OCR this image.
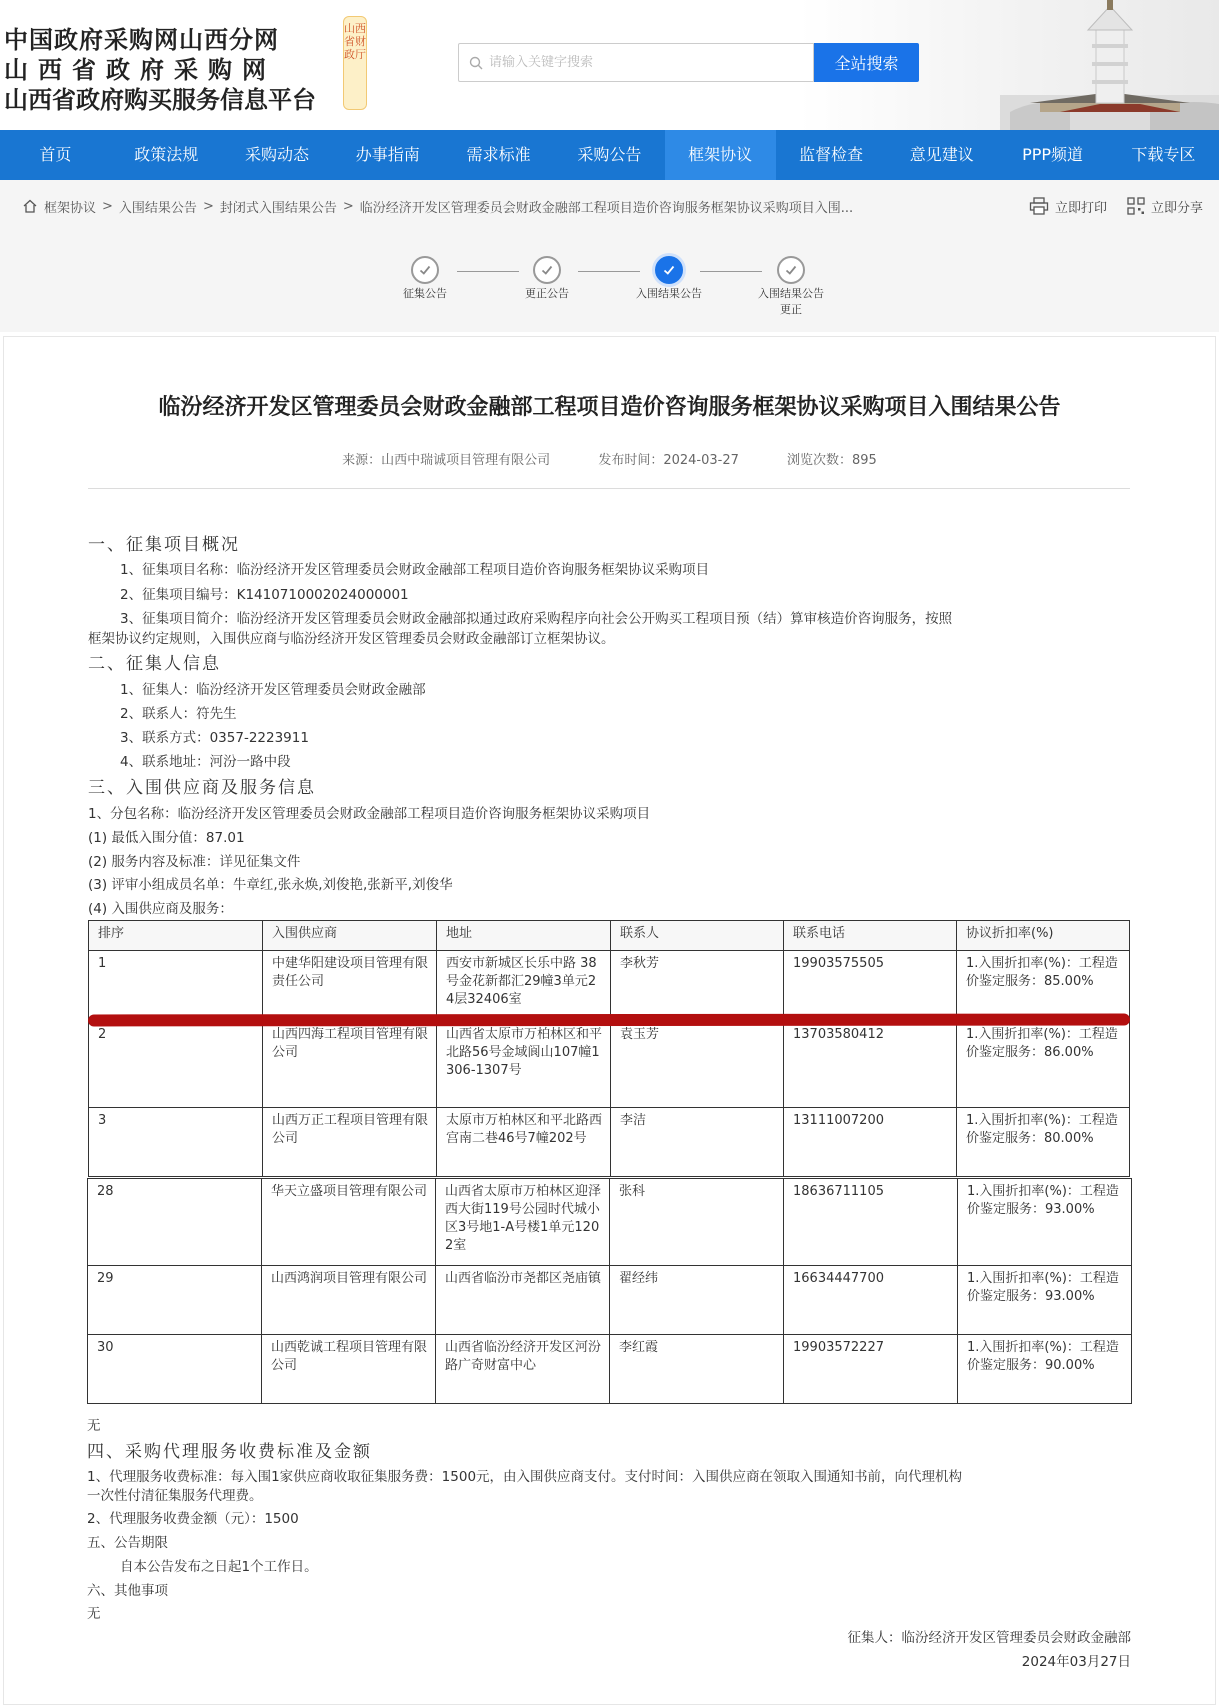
中国政府采购网山西分网
山西省政府采购网
山西省政府购买服务信息平台
山西省财政厅
请输入关键字搜索	全站搜索
首页	政策法规	采购动态	办事指南	需求标准	采购公告	框架协议	监督检查	意见建议	PPP频道	下载专区
框架协议 > 入围结果公告 > 封闭式入围结果公告 > 临汾经济开发区管理委员会财政金融部工程项目造价咨询服务框架协议采购项目入围...	立即打印	立即分享
征集公告	更正公告	入围结果公告	入围结果公告更正
临汾经济开发区管理委员会财政金融部工程项目造价咨询服务框架协议采购项目入围结果公告
来源：山西中瑞诚项目管理有限公司	发布时间：2024-03-27	浏览次数：895
一、征集项目概况
1、征集项目名称：临汾经济开发区管理委员会财政金融部工程项目造价咨询服务框架协议采购项目
2、征集项目编号：K1410710002024000001
3、征集项目简介：临汾经济开发区管理委员会财政金融部拟通过政府采购程序向社会公开购买工程项目预（结）算审核造价咨询服务，按照
框架协议约定规则，入围供应商与临汾经济开发区管理委员会财政金融部订立框架协议。
二、征集人信息
1、征集人：临汾经济开发区管理委员会财政金融部
2、联系人：符先生
3、联系方式：0357-2223911
4、联系地址：河汾一路中段
三、入围供应商及服务信息
1、分包名称：临汾经济开发区管理委员会财政金融部工程项目造价咨询服务框架协议采购项目
(1) 最低入围分值：87.01
(2) 服务内容及标准：详见征集文件
(3) 评审小组成员名单：牛章红,张永焕,刘俊艳,张新平,刘俊华
(4) 入围供应商及服务：
排序	入围供应商	地址	联系人	联系电话	协议折扣率(%)
1	中建华阳建设项目管理有限责任公司	西安市新城区长乐中路 38 号金花新都汇29幢3单元24层32406室	李秋芳	19903575505	1.入围折扣率(%)：工程造价鉴定服务：85.00%
2	山西四海工程项目管理有限公司	山西省太原市万柏林区和平北路56号金域阆山107幢1306-1307号	袁玉芳	13703580412	1.入围折扣率(%)：工程造价鉴定服务：86.00%
3	山西万正工程项目管理有限公司	太原市万柏林区和平北路西宫南二巷46号7幢202号	李洁	13111007200	1.入围折扣率(%)：工程造价鉴定服务：80.00%
28	华天立盛项目管理有限公司	山西省太原市万柏林区迎泽西大街119号公园时代城小区3号地1-A号楼1单元1202室	张科	18636711105	1.入围折扣率(%)：工程造价鉴定服务：93.00%
29	山西鸿润项目管理有限公司	山西省临汾市尧都区尧庙镇	翟经纬	16634447700	1.入围折扣率(%)：工程造价鉴定服务：93.00%
30	山西乾诚工程项目管理有限公司	山西省临汾经济开发区河汾路广奇财富中心	李红霞	19903572227	1.入围折扣率(%)：工程造价鉴定服务：90.00%
无
四、采购代理服务收费标准及金额
1、代理服务收费标准：每入围1家供应商收取征集服务费：1500元，由入围供应商支付。支付时间：入围供应商在领取入围通知书前，向代理机构
一次性付清征集服务代理费。
2、代理服务收费金额（元）：1500
五、公告期限
自本公告发布之日起1个工作日。
六、其他事项
无
征集人：临汾经济开发区管理委员会财政金融部
2024年03月27日
